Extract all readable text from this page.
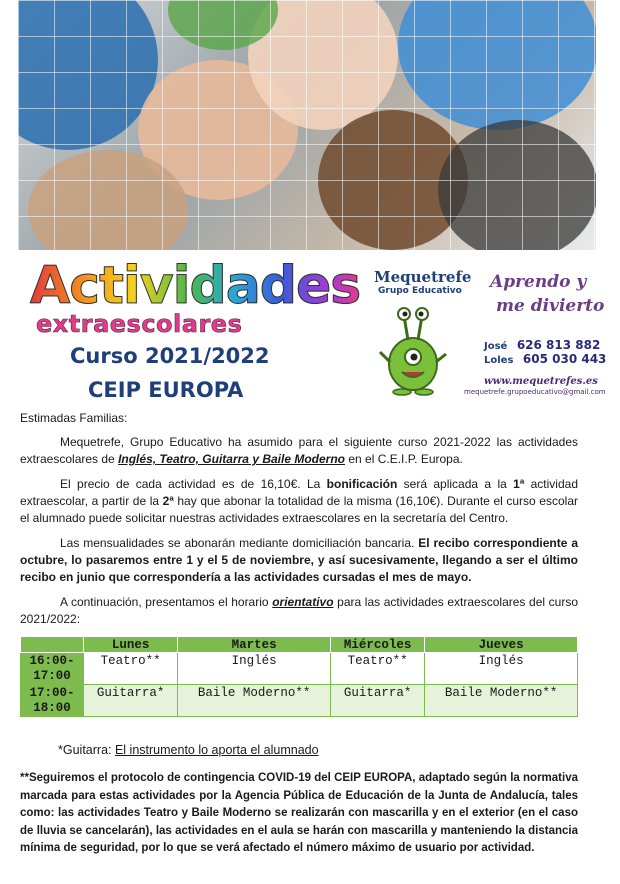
Actividades
extraescolares
Curso 2021/2022
CEIP EUROPA
Mequetrefe
Grupo Educativo Aprendo y
me divierto
José 626 813 882
Loles 605 030 443
www.mequetrefes.es
mequetrefe.grupoeducativo@gmail.com
Estimadas Familias:
Mequetrefe, Grupo Educativo ha asumido para el siguiente curso 2021-2022 las actividades extraescolares de Inglés, Teatro, Guitarra y Baile Moderno en el C.E.I.P. Europa.
El precio de cada actividad es de 16,10€. La bonificación será aplicada a la 1ª actividad extraescolar, a partir de la 2ª hay que abonar la totalidad de la misma (16,10€). Durante el curso escolar el alumnado puede solicitar nuestras actividades extraescolares en la secretaría del Centro.
Las mensualidades se abonarán mediante domiciliación bancaria. El recibo correspondiente a octubre, lo pasaremos entre 1 y el 5 de noviembre, y así sucesivamente, llegando a ser el último recibo en junio que correspondería a las actividades cursadas el mes de mayo.
A continuación, presentamos el horario orientativo para las actividades extraescolares del curso 2021/2022:
	Lunes	Martes	Miércoles	Jueves
16:00-
17:00	Teatro**	Inglés	Teatro**	Inglés
17:00-
18:00	Guitarra*	Baile Moderno**	Guitarra*	Baile Moderno**
*Guitarra: El instrumento lo aporta el alumnado
**Seguiremos el protocolo de contingencia COVID-19 del CEIP EUROPA, adaptado según la normativa marcada para estas actividades por la Agencia Pública de Educación de la Junta de Andalucía, tales como: las actividades Teatro y Baile Moderno se realizarán con mascarilla y en el exterior (en el caso de lluvia se cancelarán), las actividades en el aula se harán con mascarilla y manteniendo la distancia mínima de seguridad, por lo que se verá afectado el número máximo de usuario por actividad.
